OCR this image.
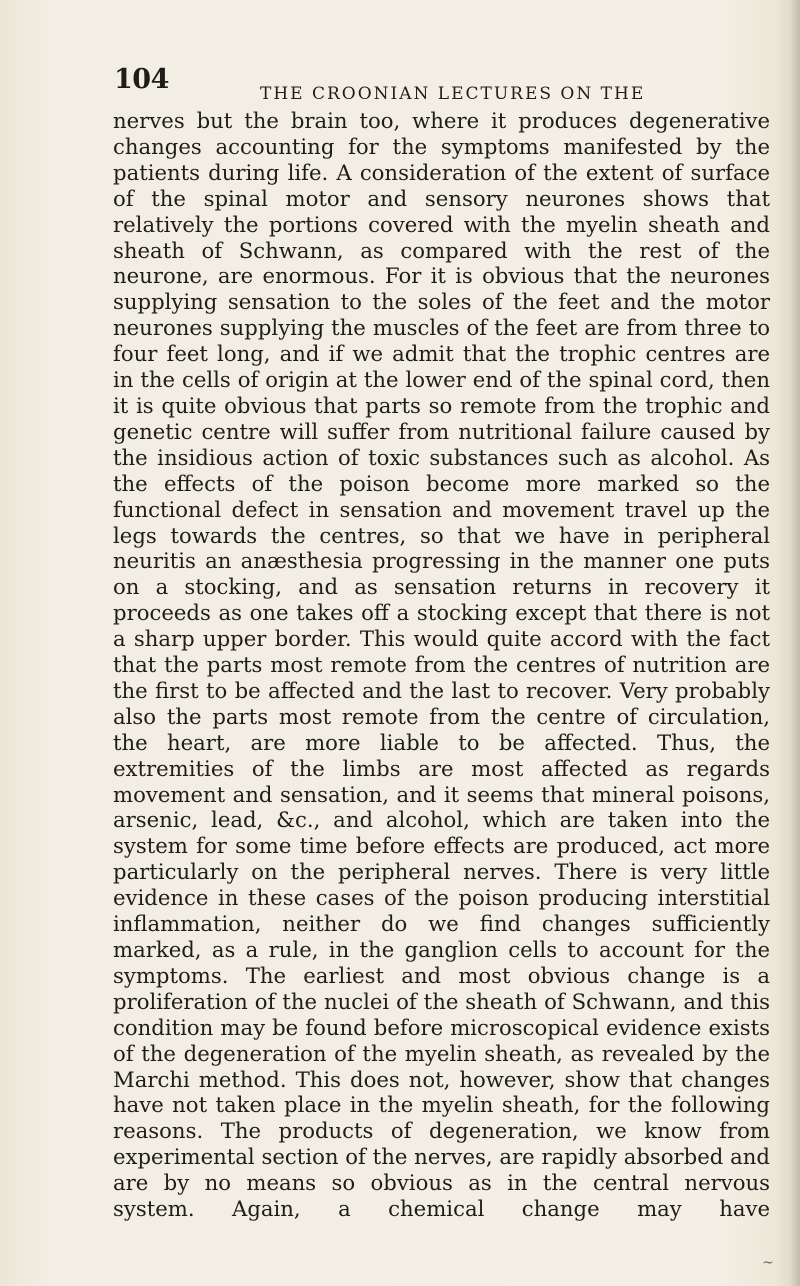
104	THE CROONIAN LECTURES ON THE

nerves but the brain too, where it produces degenerative changes accounting for the symptoms manifested by the patients during life. A consideration of the extent of surface of the spinal motor and sensory neurones shows that relatively the portions covered with the myelin sheath and sheath of Schwann, as compared with the rest of the neurone, are enormous. For it is obvious that the neurones supplying sensation to the soles of the feet and the motor neurones supplying the muscles of the feet are from three to four feet long, and if we admit that the trophic centres are in the cells of origin at the lower end of the spinal cord, then it is quite obvious that parts so remote from the trophic and genetic centre will suffer from nutritional failure caused by the insidious action of toxic substances such as alcohol. As the effects of the poison become more marked so the functional defect in sensation and movement travel up the legs towards the centres, so that we have in peripheral neuritis an anæsthesia progressing in the manner one puts on a stocking, and as sensation returns in recovery it proceeds as one takes off a stocking except that there is not a sharp upper border. This would quite accord with the fact that the parts most remote from the centres of nutrition are the first to be affected and the last to recover. Very probably also the parts most remote from the centre of circulation, the heart, are more liable to be affected. Thus, the extremities of the limbs are most affected as regards movement and sensation, and it seems that mineral poisons, arsenic, lead, &c., and alcohol, which are taken into the system for some time before effects are produced, act more particularly on the peripheral nerves. There is very little evidence in these cases of the poison producing interstitial inflammation, neither do we find changes sufficiently marked, as a rule, in the ganglion cells to account for the symptoms. The earliest and most obvious change is a proliferation of the nuclei of the sheath of Schwann, and this condition may be found before microscopical evidence exists of the degeneration of the myelin sheath, as revealed by the Marchi method. This does not, however, show that changes have not taken place in the myelin sheath, for the following reasons. The products of degeneration, we know from experimental section of the nerves, are rapidly absorbed and are by no means so obvious as in the central nervous system. Again, a chemical change may have

~
